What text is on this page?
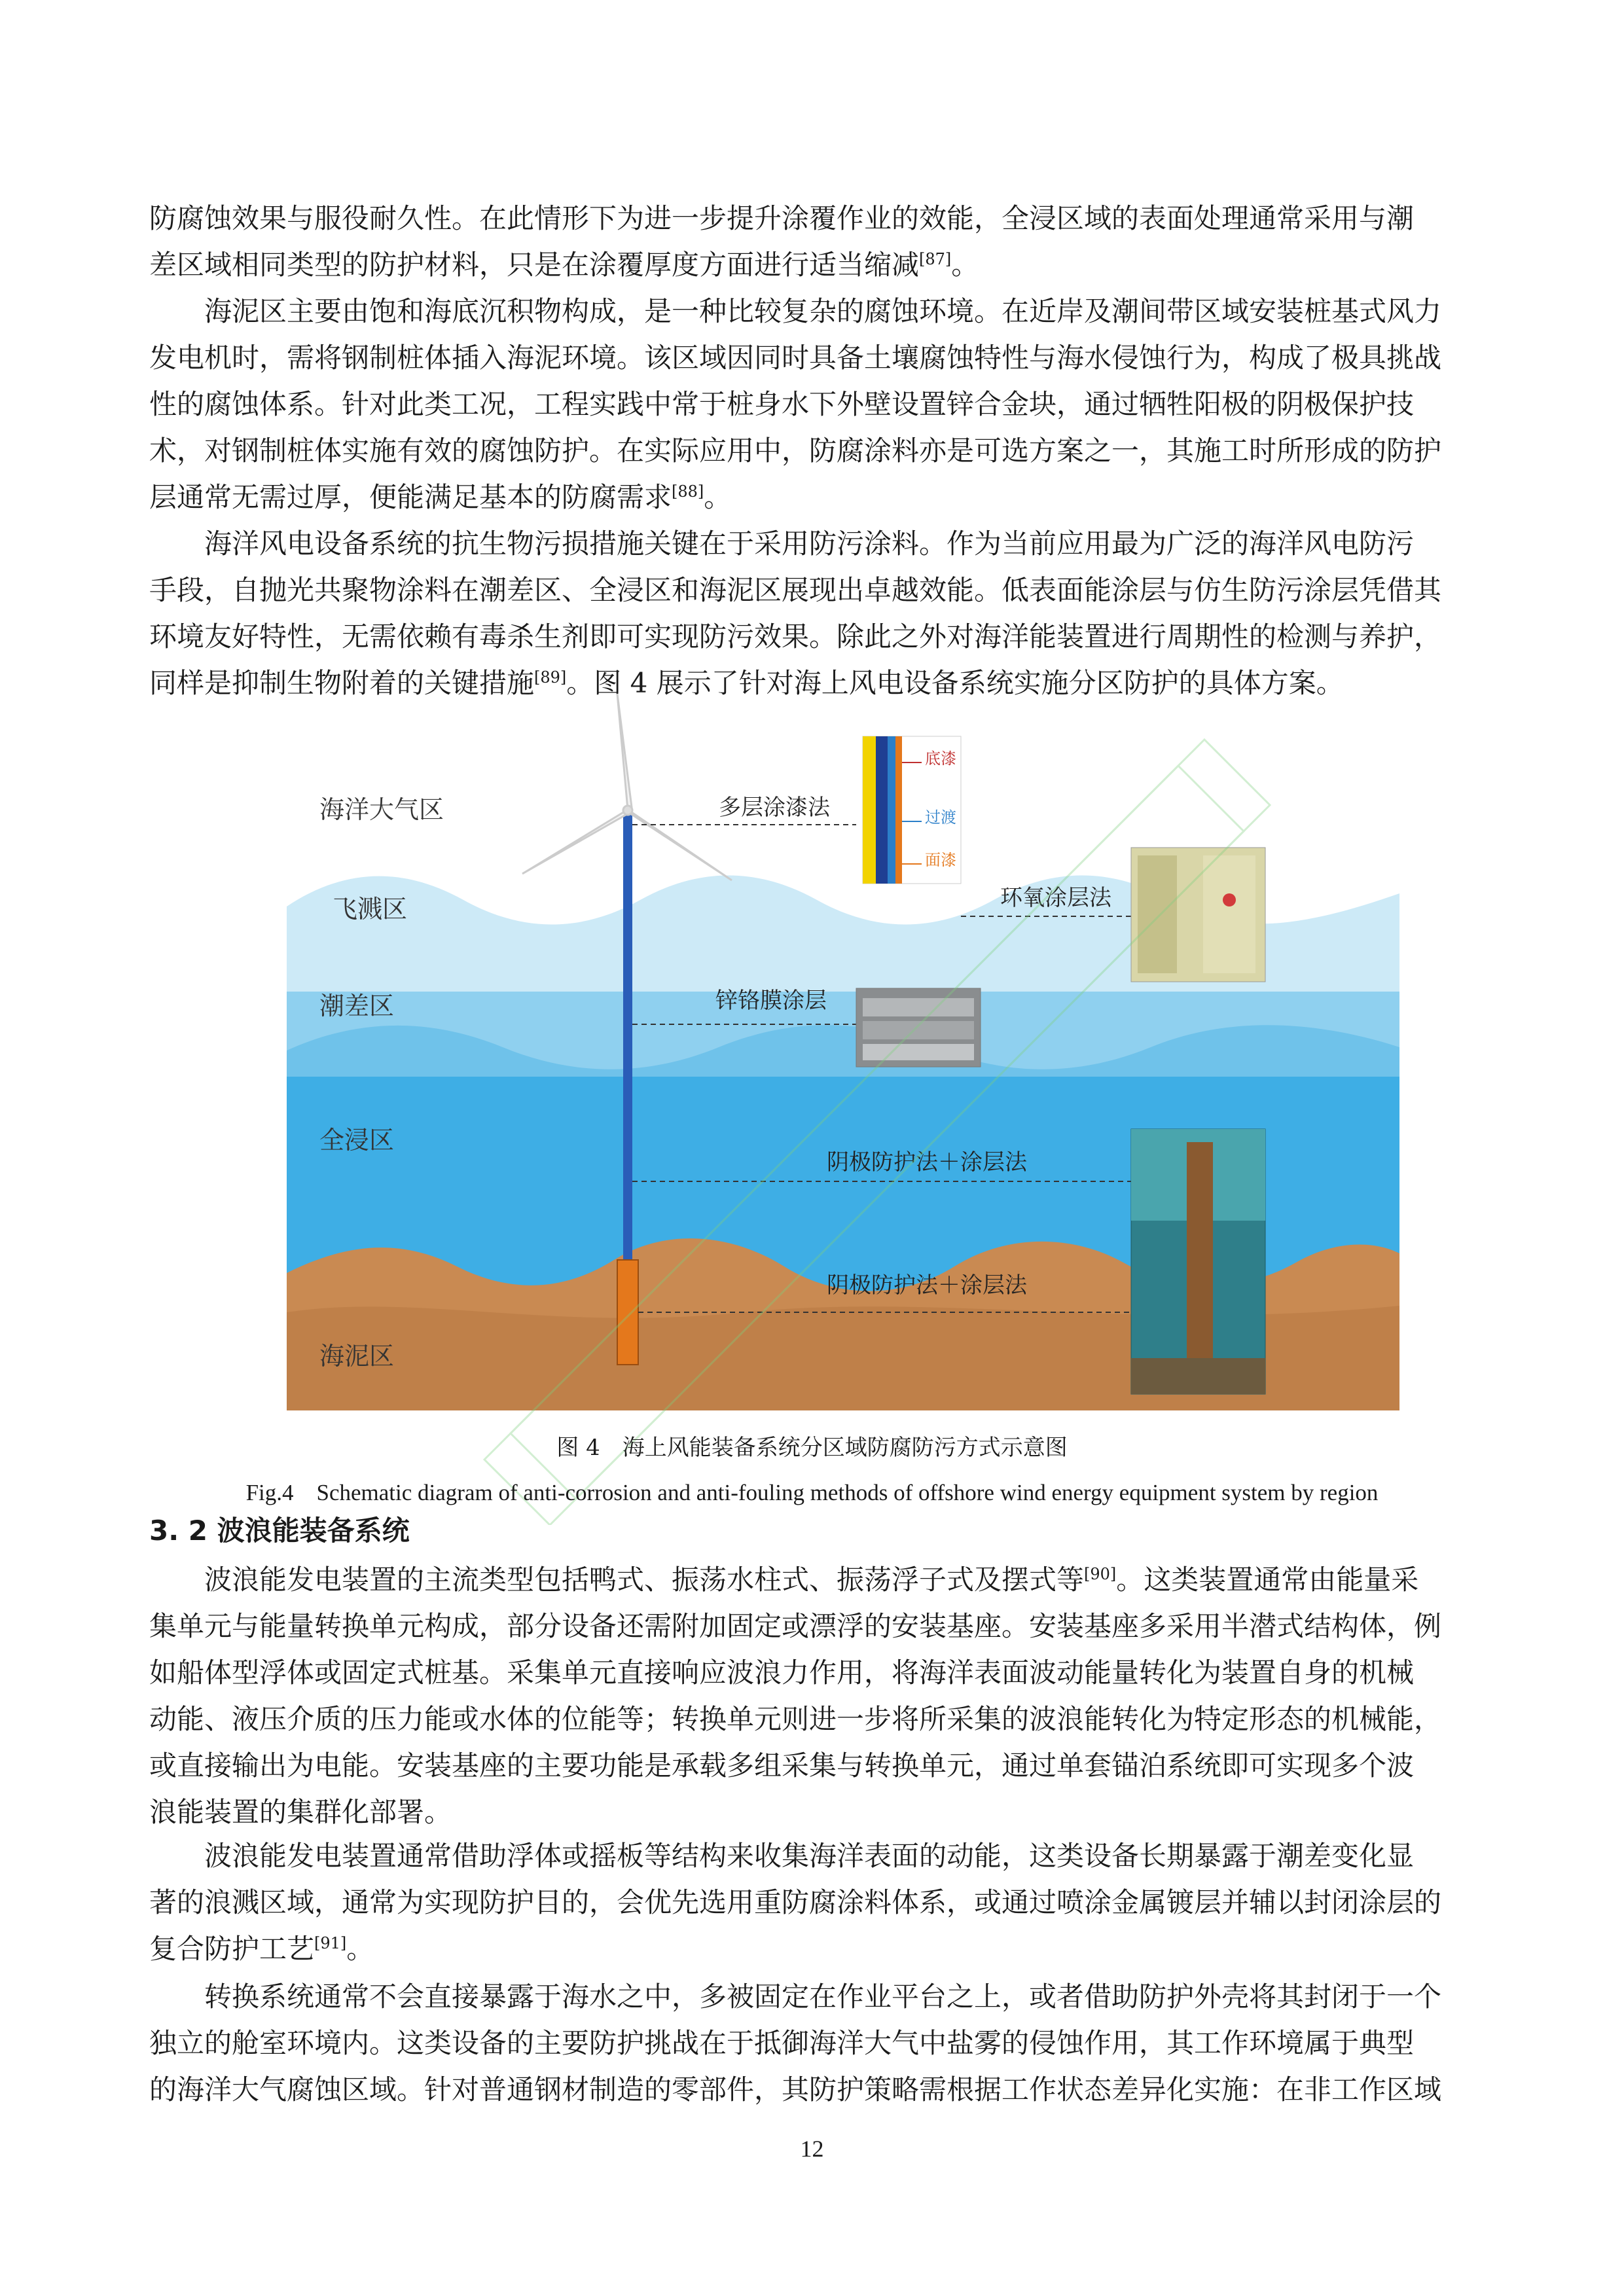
防腐蚀效果与服役耐久性。在此情形下为进一步提升涂覆作业的效能，全浸区域的表面处理通常采用与潮
差区域相同类型的防护材料，只是在涂覆厚度方面进行适当缩减[87]。

海泥区主要由饱和海底沉积物构成，是一种比较复杂的腐蚀环境。在近岸及潮间带区域安装桩基式风力
发电机时，需将钢制桩体插入海泥环境。该区域因同时具备土壤腐蚀特性与海水侵蚀行为，构成了极具挑战
性的腐蚀体系。针对此类工况，工程实践中常于桩身水下外壁设置锌合金块，通过牺牲阳极的阴极保护技
术，对钢制桩体实施有效的腐蚀防护。在实际应用中，防腐涂料亦是可选方案之一，其施工时所形成的防护
层通常无需过厚，便能满足基本的防腐需求[88]。

海洋风电设备系统的抗生物污损措施关键在于采用防污涂料。作为当前应用最为广泛的海洋风电防污
手段，自抛光共聚物涂料在潮差区、全浸区和海泥区展现出卓越效能。低表面能涂层与仿生防污涂层凭借其
环境友好特性，无需依赖有毒杀生剂即可实现防污效果。除此之外对海洋能装置进行周期性的检测与养护，
同样是抑制生物附着的关键措施[89]。图 4 展示了针对海上风电设备系统实施分区防护的具体方案。

海洋大气区
飞溅区
潮差区
全浸区
海泥区
多层涂漆法
环氧涂层法
锌铬膜涂层
阴极防护法＋涂层法
阴极防护法＋涂层法
底漆
过渡
面漆
图 4　海上风能装备系统分区域防腐防污方式示意图
Fig.4　Schematic diagram of anti-corrosion and anti-fouling methods of offshore wind energy equipment system by region
3. 2 波浪能装备系统

波浪能发电装置的主流类型包括鸭式、振荡水柱式、振荡浮子式及摆式等[90]。这类装置通常由能量采
集单元与能量转换单元构成，部分设备还需附加固定或漂浮的安装基座。安装基座多采用半潜式结构体，例
如船体型浮体或固定式桩基。采集单元直接响应波浪力作用，将海洋表面波动能量转化为装置自身的机械
动能、液压介质的压力能或水体的位能等；转换单元则进一步将所采集的波浪能转化为特定形态的机械能，
或直接输出为电能。安装基座的主要功能是承载多组采集与转换单元，通过单套锚泊系统即可实现多个波
浪能装置的集群化部署。

波浪能发电装置通常借助浮体或摇板等结构来收集海洋表面的动能，这类设备长期暴露于潮差变化显
著的浪溅区域，通常为实现防护目的，会优先选用重防腐涂料体系，或通过喷涂金属镀层并辅以封闭涂层的
复合防护工艺[91]。

转换系统通常不会直接暴露于海水之中，多被固定在作业平台之上，或者借助防护外壳将其封闭于一个
独立的舱室环境内。这类设备的主要防护挑战在于抵御海洋大气中盐雾的侵蚀作用，其工作环境属于典型
的海洋大气腐蚀区域。针对普通钢材制造的零部件，其防护策略需根据工作状态差异化实施：在非工作区域

12
